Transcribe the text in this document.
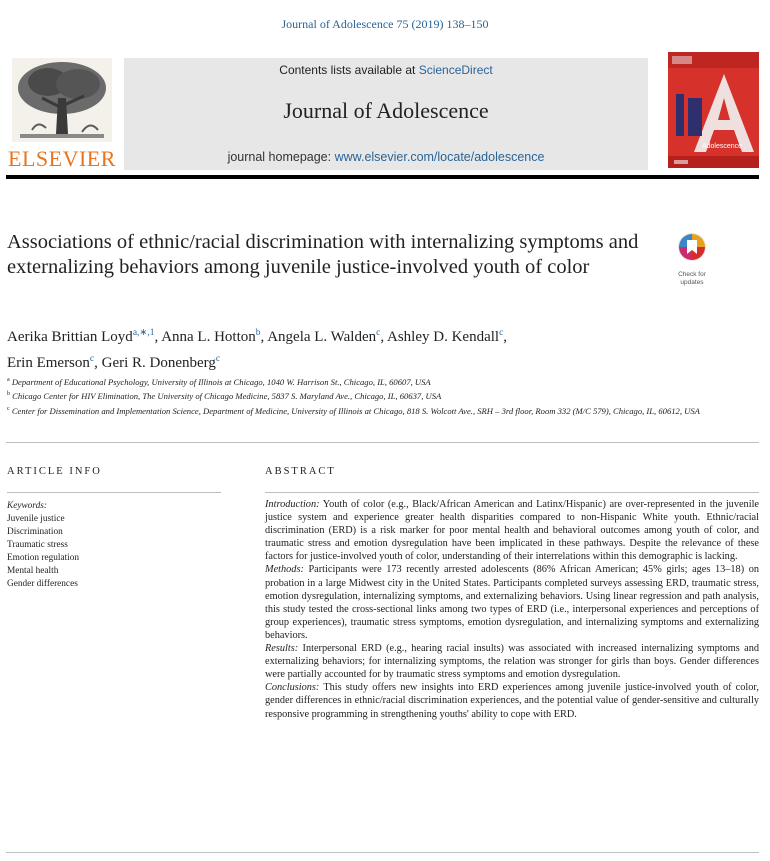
Journal of Adolescence 75 (2019) 138–150
ELSEVIER
Contents lists available at ScienceDirect
Journal of Adolescence
journal homepage: www.elsevier.com/locate/adolescence
Adolescence
Associations of ethnic/racial discrimination with internalizing symptoms and externalizing behaviors among juvenile justice-involved youth of color	Check for
updates
Aerika Brittian Loyd$^{a,∗,1}$, Anna L. Hotton$^b$, Angela L. Walden$^c$, Ashley D. Kendall$^c$,
Erin Emerson$^c$, Geri R. Donenberg$^c$
$^a$ Department of Educational Psychology, University of Illinois at Chicago, 1040 W. Harrison St., Chicago, IL, 60607, USA
$^b$ Chicago Center for HIV Elimination, The University of Chicago Medicine, 5837 S. Maryland Ave., Chicago, IL, 60637, USA
$^c$ Center for Dissemination and Implementation Science, Department of Medicine, University of Illinois at Chicago, 818 S. Wolcott Ave., SRH – 3rd floor, Room 332 (M/C 579), Chicago, IL, 60612, USA
ARTICLE INFO
Keywords:
Juvenile justice
Discrimination
Traumatic stress
Emotion regulation
Mental health
Gender differences
ABSTRACT

Introduction: Youth of color (e.g., Black/African American and Latinx/Hispanic) are over-represented in the juvenile justice system and experience greater health disparities compared to non-Hispanic White youth. Ethnic/racial discrimination (ERD) is a risk marker for poor mental health and behavioral outcomes among youth of color, and traumatic stress and emotion dysregulation have been implicated in these pathways. Despite the relevance of these factors for justice-involved youth of color, understanding of their interrelations within this demographic is lacking.

Methods: Participants were 173 recently arrested adolescents (86% African American; 45% girls; ages 13–18) on probation in a large Midwest city in the United States. Participants completed surveys assessing ERD, traumatic stress, emotion dysregulation, internalizing symptoms, and externalizing behaviors. Using linear regression and path analysis, this study tested the cross-sectional links among two types of ERD (i.e., interpersonal experiences and perceptions of group experiences), traumatic stress symptoms, emotion dysregulation, and internalizing symptoms and externalizing behaviors.

Results: Interpersonal ERD (e.g., hearing racial insults) was associated with increased internalizing symptoms and externalizing behaviors; for internalizing symptoms, the relation was stronger for girls than boys. Gender differences were partially accounted for by traumatic stress symptoms and emotion dysregulation.

Conclusions: This study offers new insights into ERD experiences among juvenile justice-involved youth of color, gender differences in ethnic/racial discrimination experiences, and the potential value of gender-sensitive and culturally responsive programming in strengthening youths' ability to cope with ERD.
